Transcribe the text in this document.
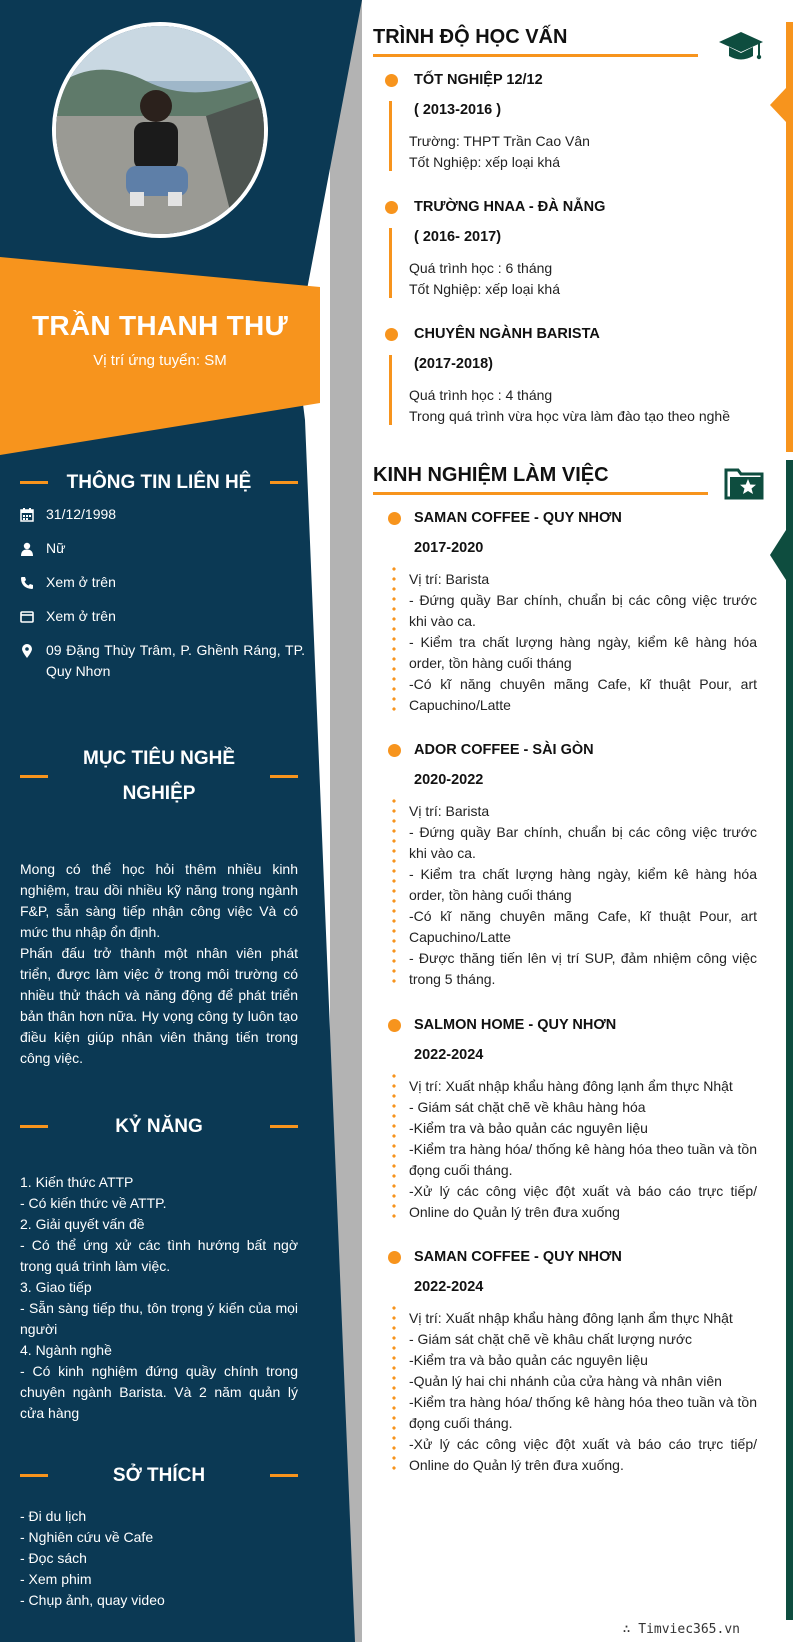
TRẦN THANH THƯ
Vị trí ứng tuyển: SM
THÔNG TIN LIÊN HỆ
31/12/1998
Nữ
Xem ở trên
Xem ở trên
09 Đặng Thùy Trâm, P. Ghềnh Ráng, TP. Quy Nhơn
MỤC TIÊU NGHỀ
NGHIỆP
Mong có thể học hỏi thêm nhiều kinh nghiệm, trau dồi nhiều kỹ năng trong ngành F&P, sẵn sàng tiếp nhận công việc Và có mức thu nhập ổn định.
Phấn đấu trở thành một nhân viên phát triển, được làm việc ở trong môi trường có nhiều thử thách và năng động để phát triển bản thân hơn nữa. Hy vọng công ty luôn tạo điều kiện giúp nhân viên thăng tiến trong công việc.
KỶ NĂNG
1. Kiến thức ATTP
- Có kiến thức về ATTP.
2. Giải quyết vấn đề
- Có thể ứng xử các tình hướng bất ngờ trong quá trình làm việc.
3. Giao tiếp
- Sẵn sàng tiếp thu, tôn trọng ý kiến của mọi người
4. Ngành nghề
- Có kinh nghiệm đứng quầy chính trong chuyên ngành Barista. Và 2 năm quản lý cửa hàng
SỞ THÍCH
- Đi du lịch
- Nghiên cứu về Cafe
- Đọc sách
- Xem phim
- Chụp ảnh, quay video
TRÌNH ĐỘ HỌC VẤN
TỐT NGHIỆP 12/12
( 2013-2016 )
Trường: THPT Trần Cao Vân
Tốt Nghiệp: xếp loại khá
TRƯỜNG HNAA - ĐÀ NẴNG
( 2016- 2017)
Quá trình học : 6 tháng
Tốt Nghiệp: xếp loại khá
CHUYÊN NGÀNH BARISTA
(2017-2018)
Quá trình học : 4 tháng
Trong quá trình vừa học vừa làm đào tạo theo nghề
KINH NGHIỆM LÀM VIỆC
SAMAN COFFEE - QUY NHƠN
2017-2020
Vị trí: Barista
- Đứng quầy Bar chính, chuẩn bị các công việc trước khi vào ca.
- Kiểm tra chất lượng hàng ngày, kiểm kê hàng hóa order, tồn hàng cuối tháng
-Có kĩ năng chuyên mãng Cafe, kĩ thuật Pour, art Capuchino/Latte
ADOR COFFEE - SÀI GÒN
2020-2022
Vị trí: Barista
- Đứng quầy Bar chính, chuẩn bị các công việc trước khi vào ca.
- Kiểm tra chất lượng hàng ngày, kiểm kê hàng hóa order, tồn hàng cuối tháng
-Có kĩ năng chuyên mãng Cafe, kĩ thuật Pour, art Capuchino/Latte
- Được thăng tiến lên vị trí SUP, đảm nhiệm công việc trong 5 tháng.
SALMON HOME - QUY NHƠN
2022-2024
Vị trí: Xuất nhập khẩu hàng đông lạnh ẩm thực Nhật
- Giám sát chặt chẽ về khâu hàng hóa
-Kiểm tra và bảo quản các nguyên liệu
-Kiểm tra hàng hóa/ thống kê hàng hóa theo tuần và tồn đọng cuối tháng.
-Xử lý các công việc đột xuất và báo cáo trực tiếp/ Online do Quản lý trên đưa xuống
SAMAN COFFEE - QUY NHƠN
2022-2024
Vị trí: Xuất nhập khẩu hàng đông lạnh ẩm thực Nhật
- Giám sát chặt chẽ về khâu chất lượng nước
-Kiểm tra và bảo quản các nguyên liệu
-Quản lý hai chi nhánh của cửa hàng và nhân viên
-Kiểm tra hàng hóa/ thống kê hàng hóa theo tuần và tồn đọng cuối tháng.
-Xử lý các công việc đột xuất và báo cáo trực tiếp/ Online do Quản lý trên đưa xuống.
∴ Timviec365.vn
